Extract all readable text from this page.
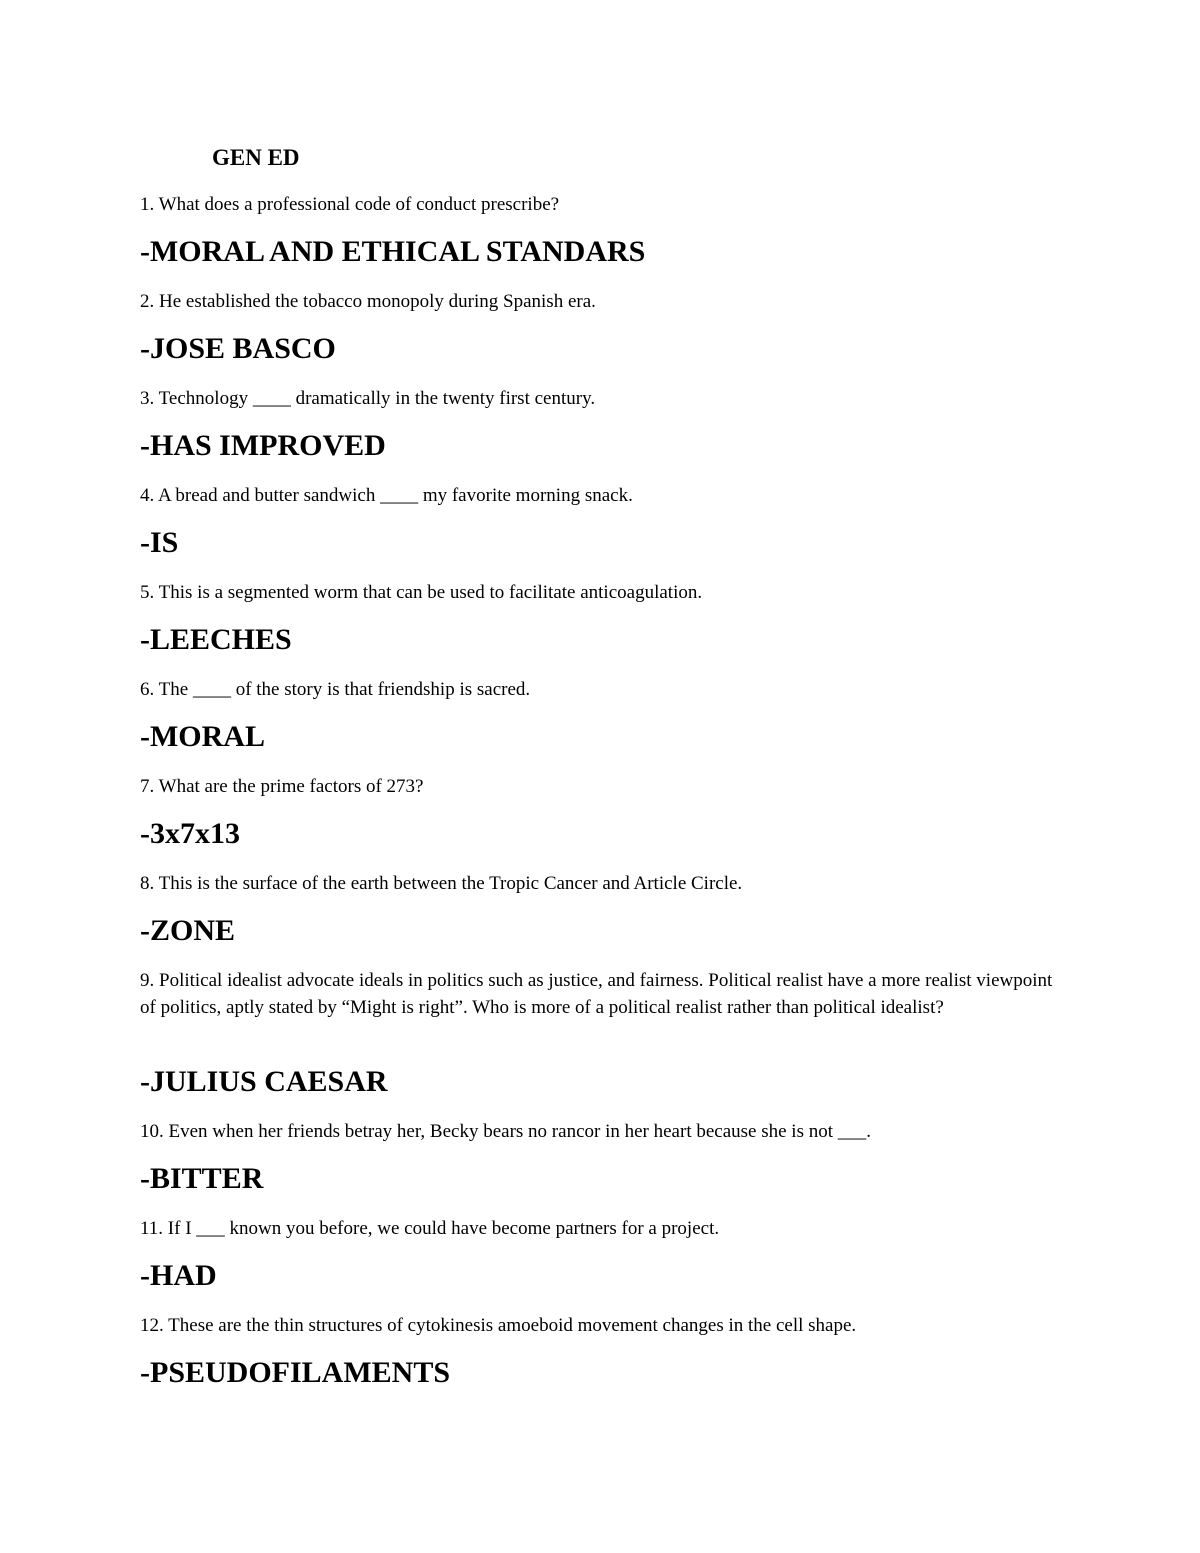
GEN ED
1. What does a professional code of conduct prescribe?
-MORAL AND ETHICAL STANDARS
2. He established the tobacco monopoly during Spanish era.
-JOSE BASCO
3. Technology ____ dramatically in the twenty first century.
-HAS IMPROVED
4. A bread and butter sandwich ____ my favorite morning snack.
-IS
5. This is a segmented worm that can be used to facilitate anticoagulation.
-LEECHES
6. The ____ of the story is that friendship is sacred.
-MORAL
7. What are the prime factors of 273?
-3x7x13
8. This is the surface of the earth between the Tropic Cancer and Article Circle.
-ZONE
9. Political idealist advocate ideals in politics such as justice, and fairness. Political realist have a more realist viewpoint of politics, aptly stated by “Might is right”. Who is more of a political realist rather than political idealist?
-JULIUS CAESAR
10. Even when her friends betray her, Becky bears no rancor in her heart because she is not ___.
-BITTER
11. If I ___ known you before, we could have become partners for a project.
-HAD
12. These are the thin structures of cytokinesis amoeboid movement changes in the cell shape.
-PSEUDOFILAMENTS
